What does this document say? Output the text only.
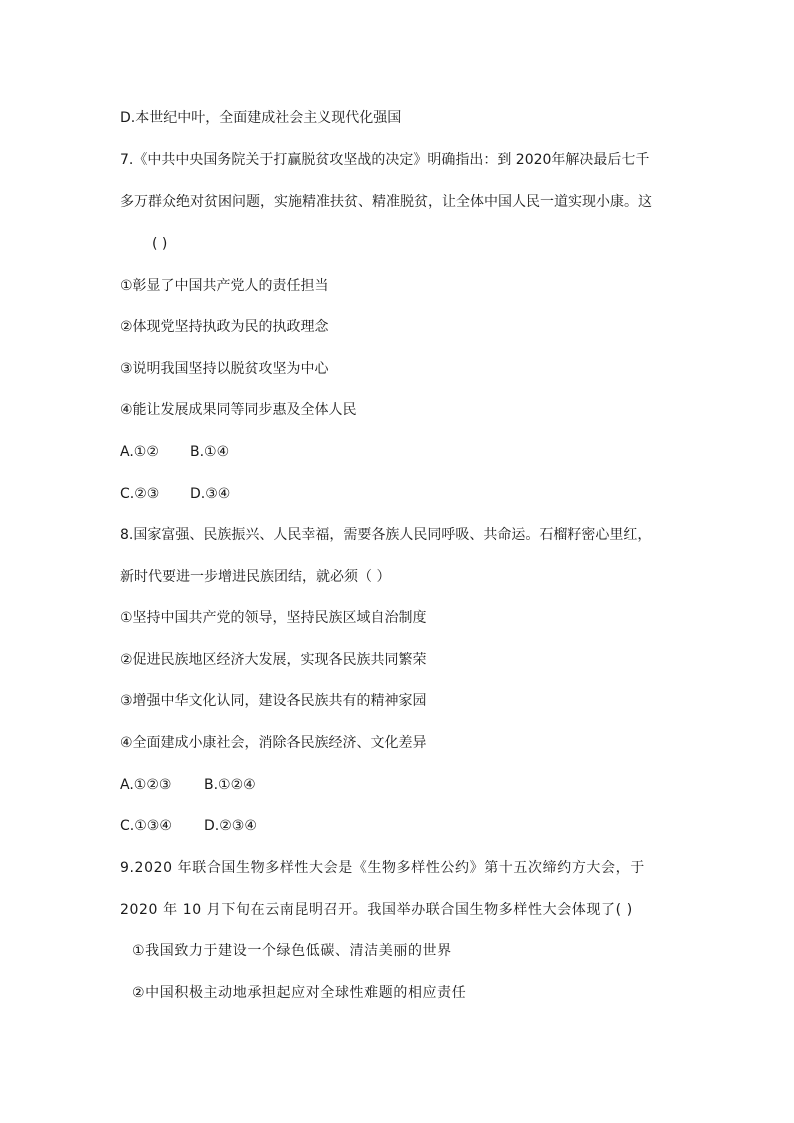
D.本世纪中叶，全面建成社会主义现代化强国
7.《中共中央国务院关于打赢脱贫攻坚战的决定》明确指出：到 2020年解决最后七千
多万群众绝对贫困问题，实施精准扶贫、精准脱贫，让全体中国人民一道实现小康。这
( )
①彰显了中国共产党人的责任担当
②体现党坚持执政为民的执政理念
③说明我国坚持以脱贫攻坚为中心
④能让发展成果同等同步惠及全体人民
A.①② B.①④
C.②③ D.③④
8.国家富强、民族振兴、人民幸福，需要各族人民同呼吸、共命运。石榴籽密心里红，
新时代要进一步增进民族团结，就必须（ ）
①坚持中国共产党的领导，坚持民族区域自治制度
②促进民族地区经济大发展，实现各民族共同繁荣
③增强中华文化认同，建设各民族共有的精神家园
④全面建成小康社会，消除各民族经济、文化差异
A.①②③ B.①②④
C.①③④ D.②③④
9.2020 年联合国生物多样性大会是《生物多样性公约》第十五次缔约方大会，于
2020 年 10 月下旬在云南昆明召开。我国举办联合国生物多样性大会体现了( )
①我国致力于建设一个绿色低碳、清洁美丽的世界
②中国积极主动地承担起应对全球性难题的相应责任
